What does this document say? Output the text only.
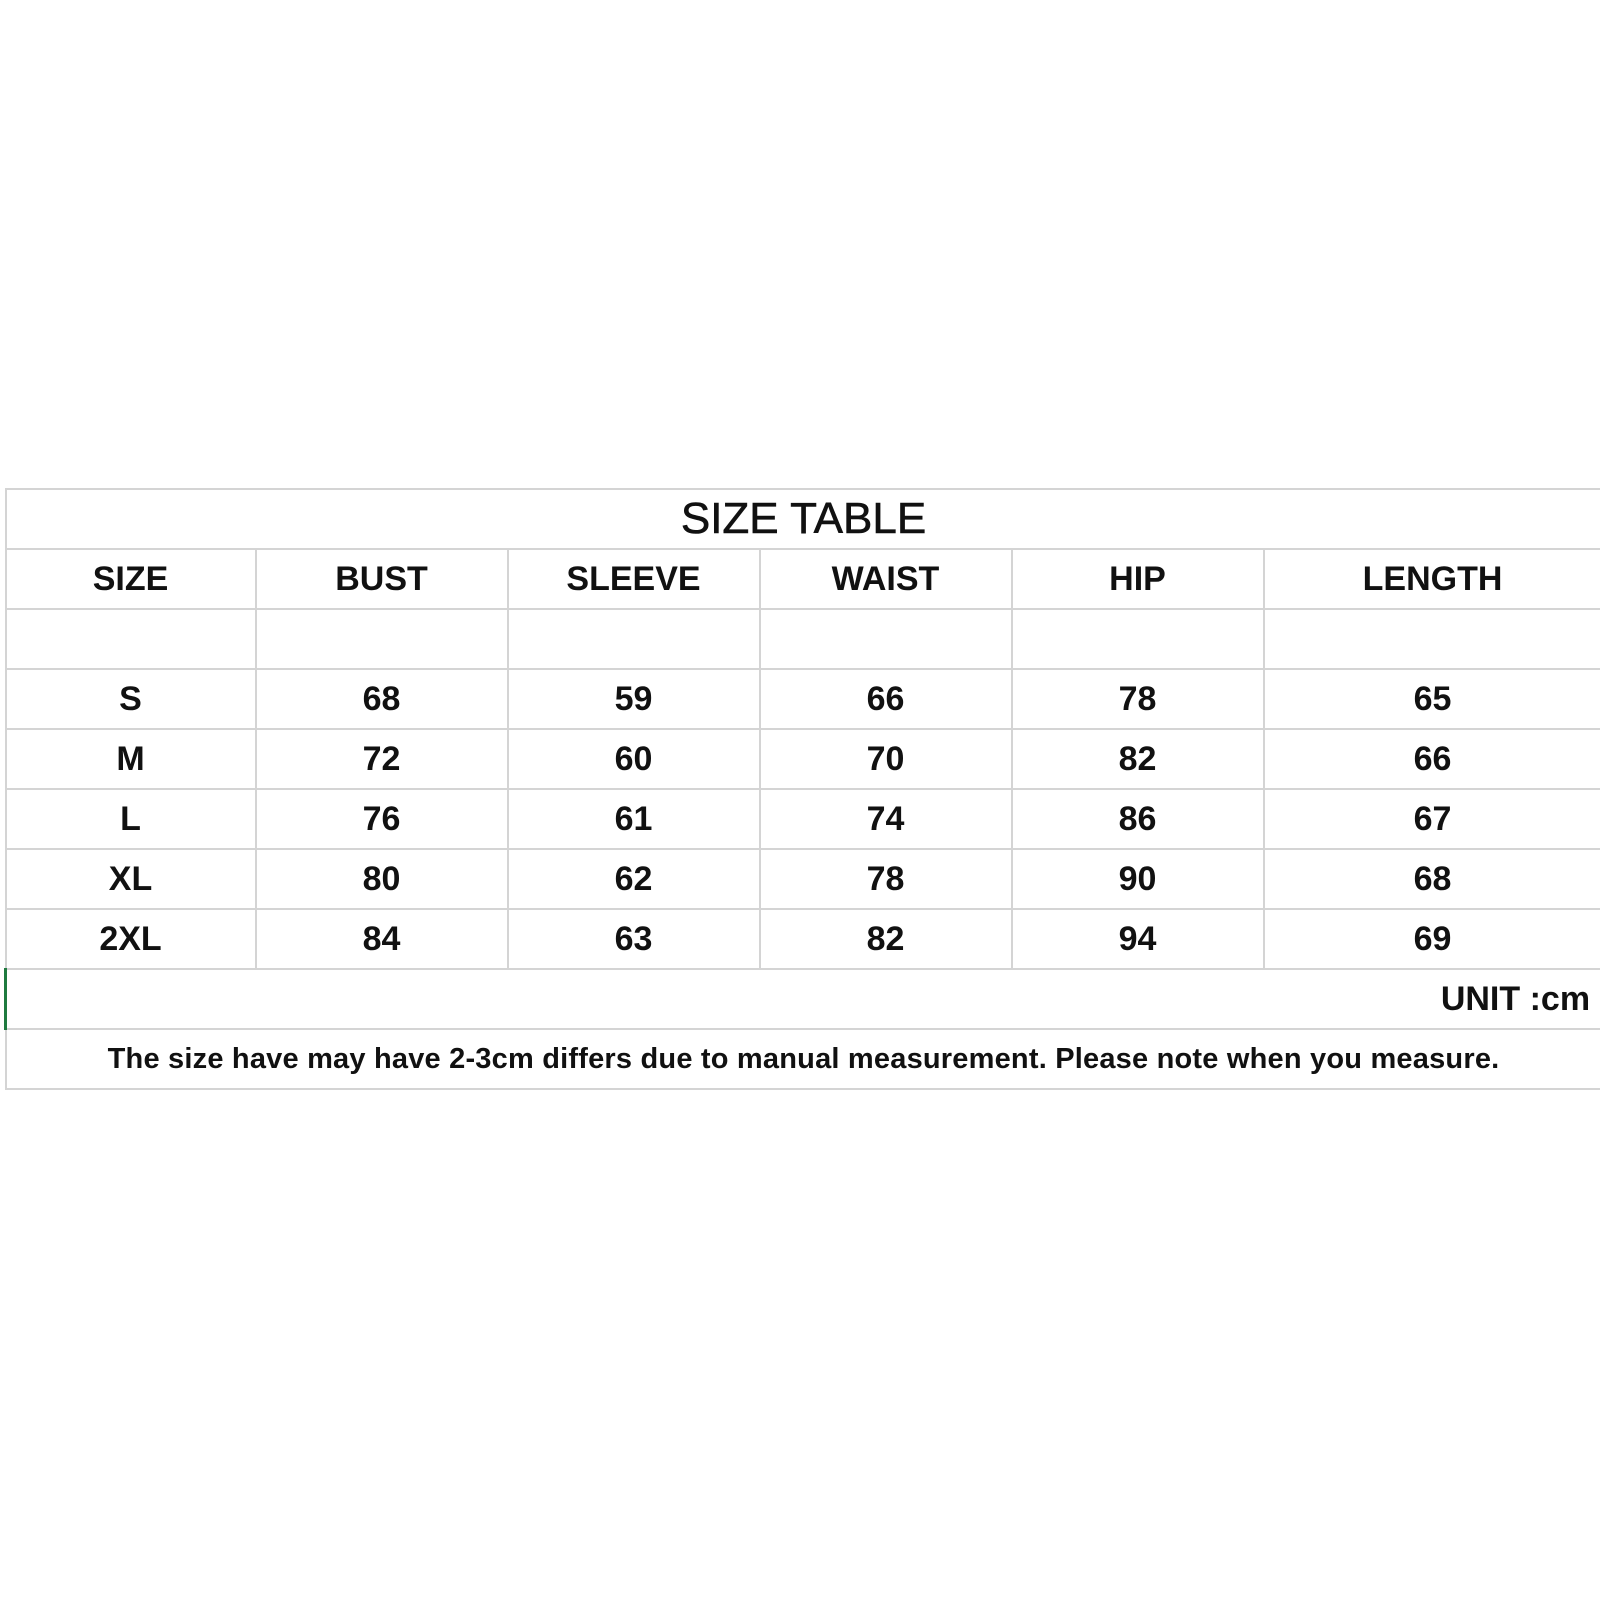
SIZE TABLE					
SIZE	BUST	SLEEVE	WAIST	HIP	LENGTH

S	68	59	66	78	65
M	72	60	70	82	66
L	76	61	74	86	67
XL	80	62	78	90	68
2XL	84	63	82	94	69
UNIT :cm					
The size have may have 2-3cm differs due to manual measurement. Please note when you measure.					
